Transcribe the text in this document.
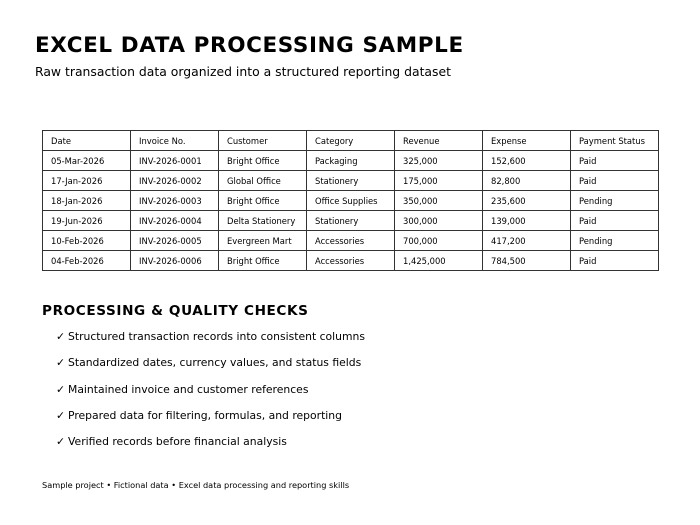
EXCEL DATA PROCESSING SAMPLE
Raw transaction data organized into a structured reporting dataset
Date	Invoice No.	Customer	Category	Revenue	Expense	Payment Status
05-Mar-2026	INV-2026-0001	Bright Office	Packaging	325,000	152,600	Paid
17-Jan-2026	INV-2026-0002	Global Office	Stationery	175,000	82,800	Paid
18-Jan-2026	INV-2026-0003	Bright Office	Office Supplies	350,000	235,600	Pending
19-Jun-2026	INV-2026-0004	Delta Stationery	Stationery	300,000	139,000	Paid
10-Feb-2026	INV-2026-0005	Evergreen Mart	Accessories	700,000	417,200	Pending
04-Feb-2026	INV-2026-0006	Bright Office	Accessories	1,425,000	784,500	Paid
PROCESSING & QUALITY CHECKS
✓ Structured transaction records into consistent columns
✓ Standardized dates, currency values, and status fields
✓ Maintained invoice and customer references
✓ Prepared data for filtering, formulas, and reporting
✓ Verified records before financial analysis
Sample project • Fictional data • Excel data processing and reporting skills
